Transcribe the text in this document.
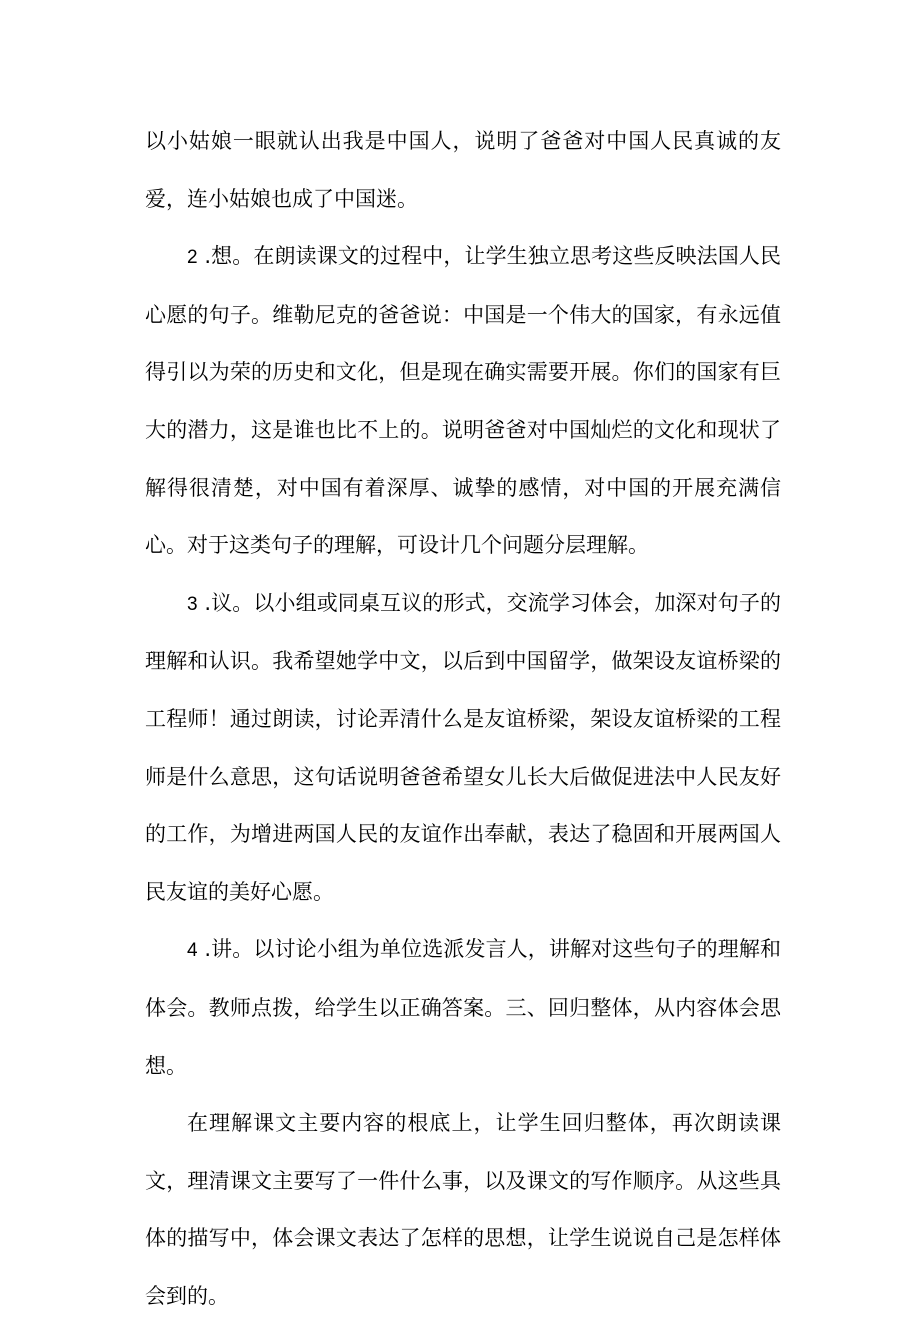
以小姑娘一眼就认出我是中国人，说明了爸爸对中国人民真诚的友爱，连小姑娘也成了中国迷。

2 .想。在朗读课文的过程中，让学生独立思考这些反映法国人民心愿的句子。维勒尼克的爸爸说：中国是一个伟大的国家，有永远值得引以为荣的历史和文化，但是现在确实需要开展。你们的国家有巨大的潜力，这是谁也比不上的。说明爸爸对中国灿烂的文化和现状了解得很清楚，对中国有着深厚、诚挚的感情，对中国的开展充满信心。对于这类句子的理解，可设计几个问题分层理解。

3 .议。以小组或同桌互议的形式，交流学习体会，加深对句子的理解和认识。我希望她学中文，以后到中国留学，做架设友谊桥梁的工程师！通过朗读，讨论弄清什么是友谊桥梁，架设友谊桥梁的工程师是什么意思，这句话说明爸爸希望女儿长大后做促进法中人民友好的工作，为增进两国人民的友谊作出奉献，表达了稳固和开展两国人民友谊的美好心愿。

4 .讲。以讨论小组为单位选派发言人，讲解对这些句子的理解和体会。教师点拨，给学生以正确答案。三、回归整体，从内容体会思想。

在理解课文主要内容的根底上，让学生回归整体，再次朗读课文，理清课文主要写了一件什么事，以及课文的写作顺序。从这些具体的描写中，体会课文表达了怎样的思想，让学生说说自己是怎样体会到的。
